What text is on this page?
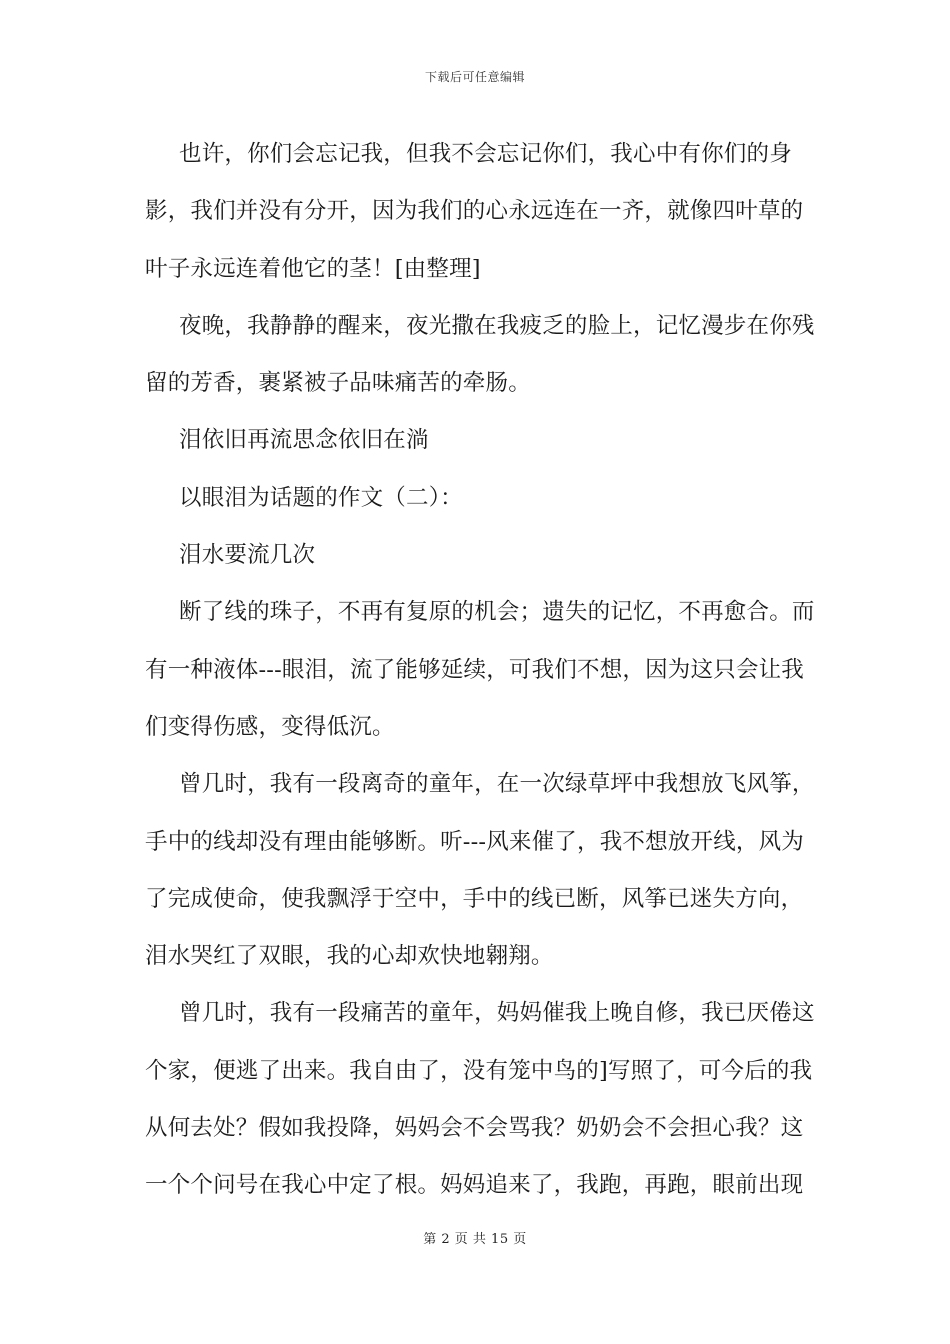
下载后可任意编辑

也许，你们会忘记我，但我不会忘记你们，我心中有你们的身影，我们并没有分开，因为我们的心永远连在一齐，就像四叶草的叶子永远连着他它的茎！[由整理]

夜晚，我静静的醒来，夜光撒在我疲乏的脸上，记忆漫步在你残留的芳香，裹紧被子品味痛苦的牵肠。

泪依旧再流思念依旧在淌

以眼泪为话题的作文（二）：

泪水要流几次

断了线的珠子，不再有复原的机会；遗失的记忆，不再愈合。而有一种液体---眼泪，流了能够延续，可我们不想，因为这只会让我们变得伤感，变得低沉。

曾几时，我有一段离奇的童年，在一次绿草坪中我想放飞风筝，手中的线却没有理由能够断。听---风来催了，我不想放开线，风为了完成使命，使我飘浮于空中，手中的线已断，风筝已迷失方向，泪水哭红了双眼，我的心却欢快地翱翔。

曾几时，我有一段痛苦的童年，妈妈催我上晚自修，我已厌倦这个家，便逃了出来。我自由了，没有笼中鸟的]写照了，可今后的我从何去处？假如我投降，妈妈会不会骂我？奶奶会不会担心我？这一个个问号在我心中定了根。妈妈追来了，我跑，再跑，眼前出现

第 2 页 共 15 页
